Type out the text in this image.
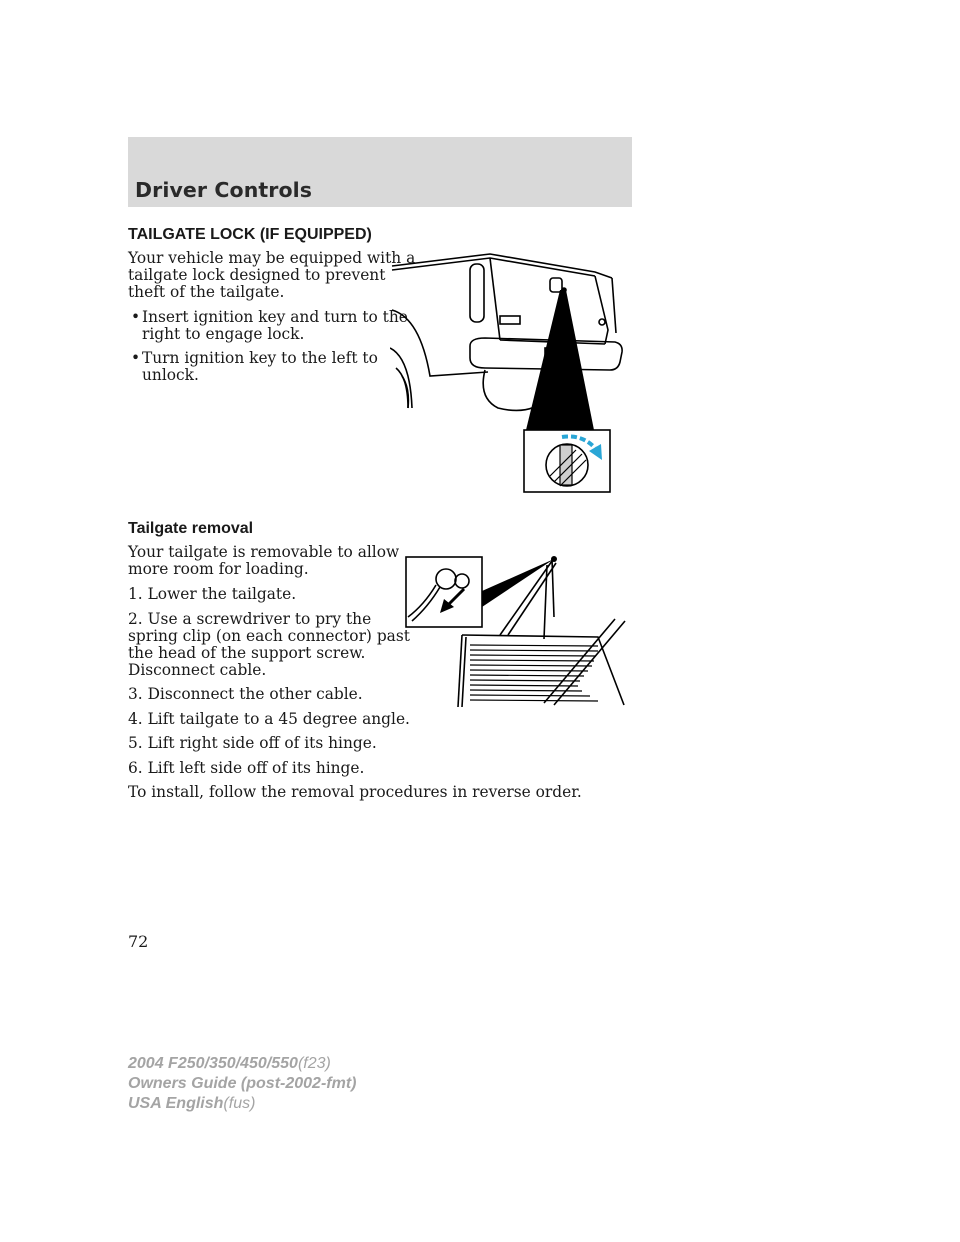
Driver Controls
TAILGATE LOCK (IF EQUIPPED)

Your vehicle may be equipped with a

tailgate lock designed to prevent

theft of the tailgate.

• Insert ignition key and turn to the
right to engage lock.
• Turn ignition key to the left to
unlock.
Tailgate removal

Your tailgate is removable to allow

more room for loading.

1. Lower the tailgate.

2. Use a screwdriver to pry the

spring clip (on each connector) past

the head of the support screw.

Disconnect cable.

3. Disconnect the other cable.

4. Lift tailgate to a 45 degree angle.

5. Lift right side off of its hinge.

6. Lift left side off of its hinge.

To install, follow the removal procedures in reverse order.

72
2004 F250/350/450/550(f23)
Owners Guide (post-2002-fmt)
USA English(fus)
